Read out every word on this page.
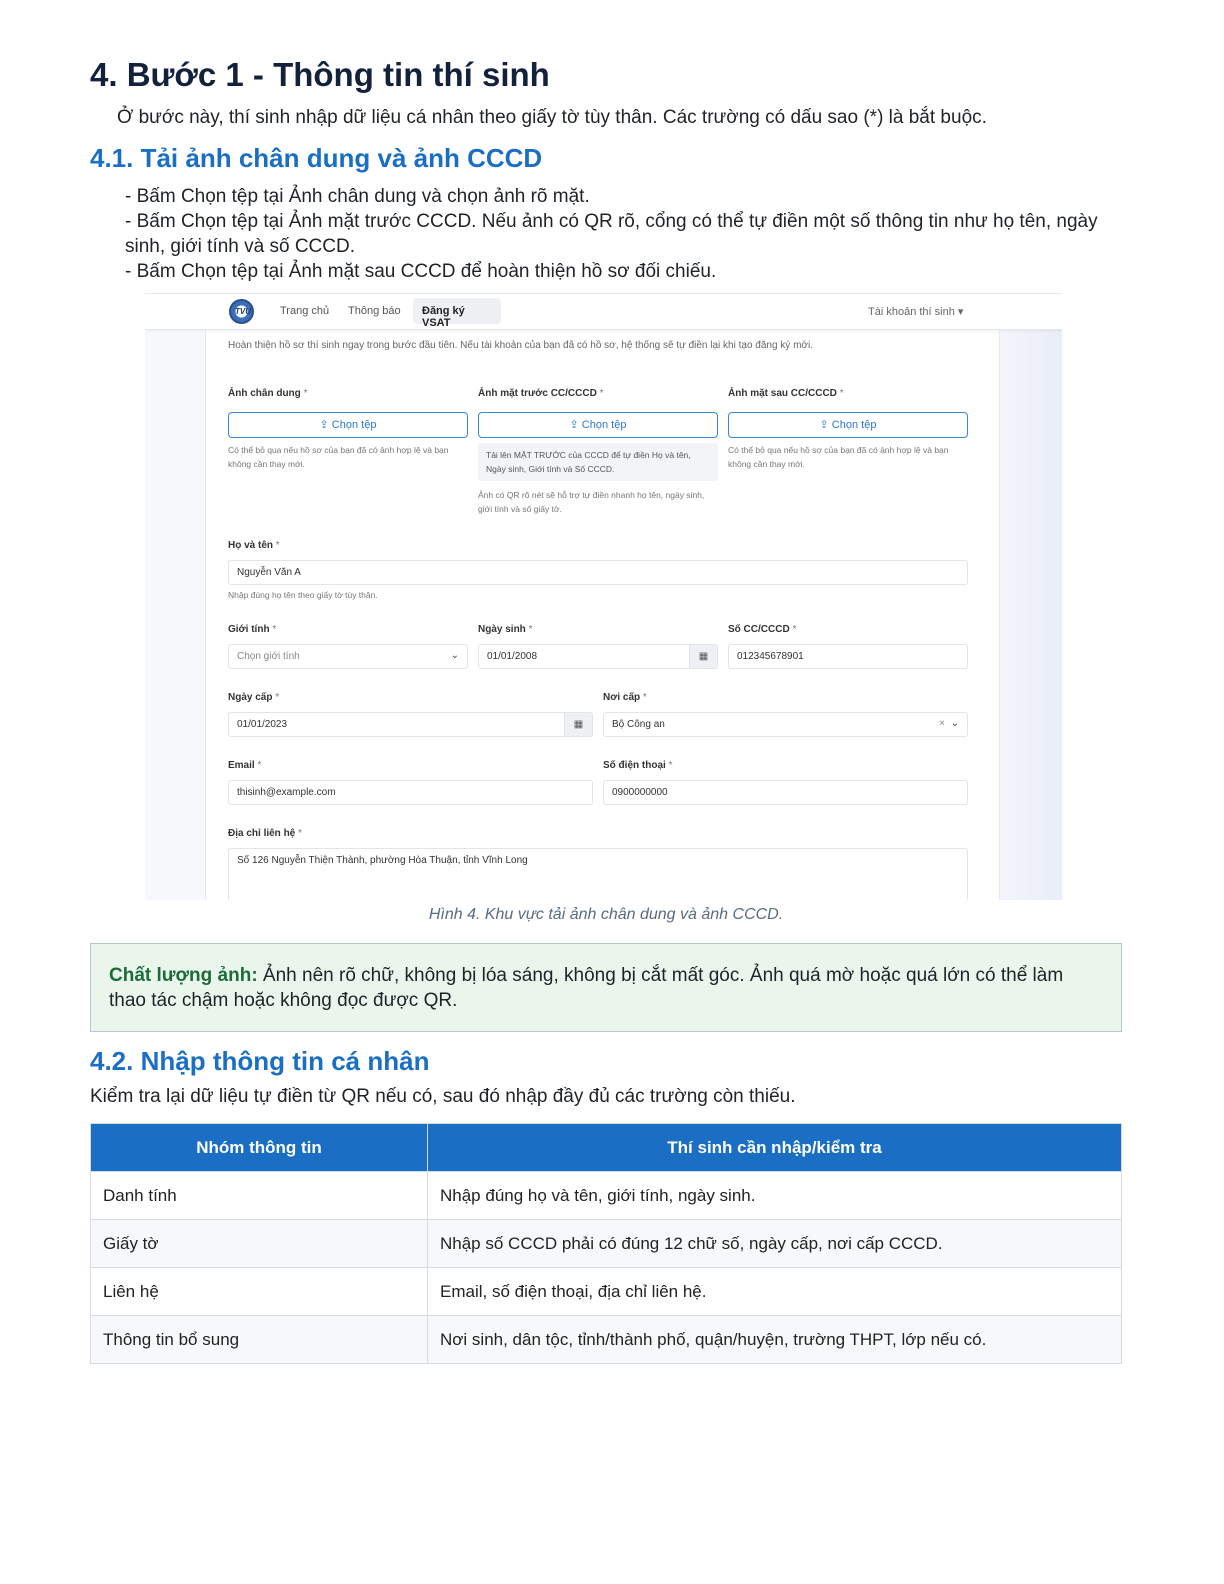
4. Bước 1 - Thông tin thí sinh
Ở bước này, thí sinh nhập dữ liệu cá nhân theo giấy tờ tùy thân. Các trường có dấu sao (*) là bắt buộc.
4.1. Tải ảnh chân dung và ảnh CCCD
- Bấm Chọn tệp tại Ảnh chân dung và chọn ảnh rõ mặt.
- Bấm Chọn tệp tại Ảnh mặt trước CCCD. Nếu ảnh có QR rõ, cổng có thể tự điền một số thông tin như họ tên, ngày sinh, giới tính và số CCCD.
- Bấm Chọn tệp tại Ảnh mặt sau CCCD để hoàn thiện hồ sơ đối chiếu.
Hoàn thiện hồ sơ thí sinh ngay trong bước đầu tiên. Nếu tài khoản của bạn đã có hồ sơ, hệ thống sẽ tự điền lại khi tạo đăng ký mới.
Ảnh chân dung *
⇪ Chọn tệp
Có thể bỏ qua nếu hồ sơ của bạn đã có ảnh hợp lệ và bạn không cần thay mới.
Ảnh mặt trước CC/CCCD *
⇪ Chọn tệp
Tải lên MẶT TRƯỚC của CCCD để tự điền Họ và tên, Ngày sinh, Giới tính và Số CCCD.
Ảnh có QR rõ nét sẽ hỗ trợ tự điền nhanh họ tên, ngày sinh, giới tính và số giấy tờ.
Ảnh mặt sau CC/CCCD *
⇪ Chọn tệp
Có thể bỏ qua nếu hồ sơ của bạn đã có ảnh hợp lệ và bạn không cần thay mới.
Họ và tên *
Nguyễn Văn A
Nhập đúng họ tên theo giấy tờ tùy thân.
Giới tính *
Chọn giới tính	⌄
Ngày sinh *
01/01/2008	▦
Số CC/CCCD *
012345678901
Ngày cấp *
01/01/2023	▦
Nơi cấp *
Bộ Công an	× ⌄
Email *
thisinh@example.com
Số điện thoại *
0900000000
Địa chỉ liên hệ *
Số 126 Nguyễn Thiện Thành, phường Hòa Thuận, tỉnh Vĩnh Long
TVU	Trang chủ Thông báo	Đăng ký VSAT
Tài khoản thí sinh ▾
Hình 4. Khu vực tải ảnh chân dung và ảnh CCCD.
Chất lượng ảnh: Ảnh nên rõ chữ, không bị lóa sáng, không bị cắt mất góc. Ảnh quá mờ hoặc quá lớn có thể làm thao tác chậm hoặc không đọc được QR.
4.2. Nhập thông tin cá nhân
Kiểm tra lại dữ liệu tự điền từ QR nếu có, sau đó nhập đầy đủ các trường còn thiếu.
Nhóm thông tin	Thí sinh cần nhập/kiểm tra
Danh tính	Nhập đúng họ và tên, giới tính, ngày sinh.
Giấy tờ	Nhập số CCCD phải có đúng 12 chữ số, ngày cấp, nơi cấp CCCD.
Liên hệ	Email, số điện thoại, địa chỉ liên hệ.
Thông tin bổ sung	Nơi sinh, dân tộc, tỉnh/thành phố, quận/huyện, trường THPT, lớp nếu có.
